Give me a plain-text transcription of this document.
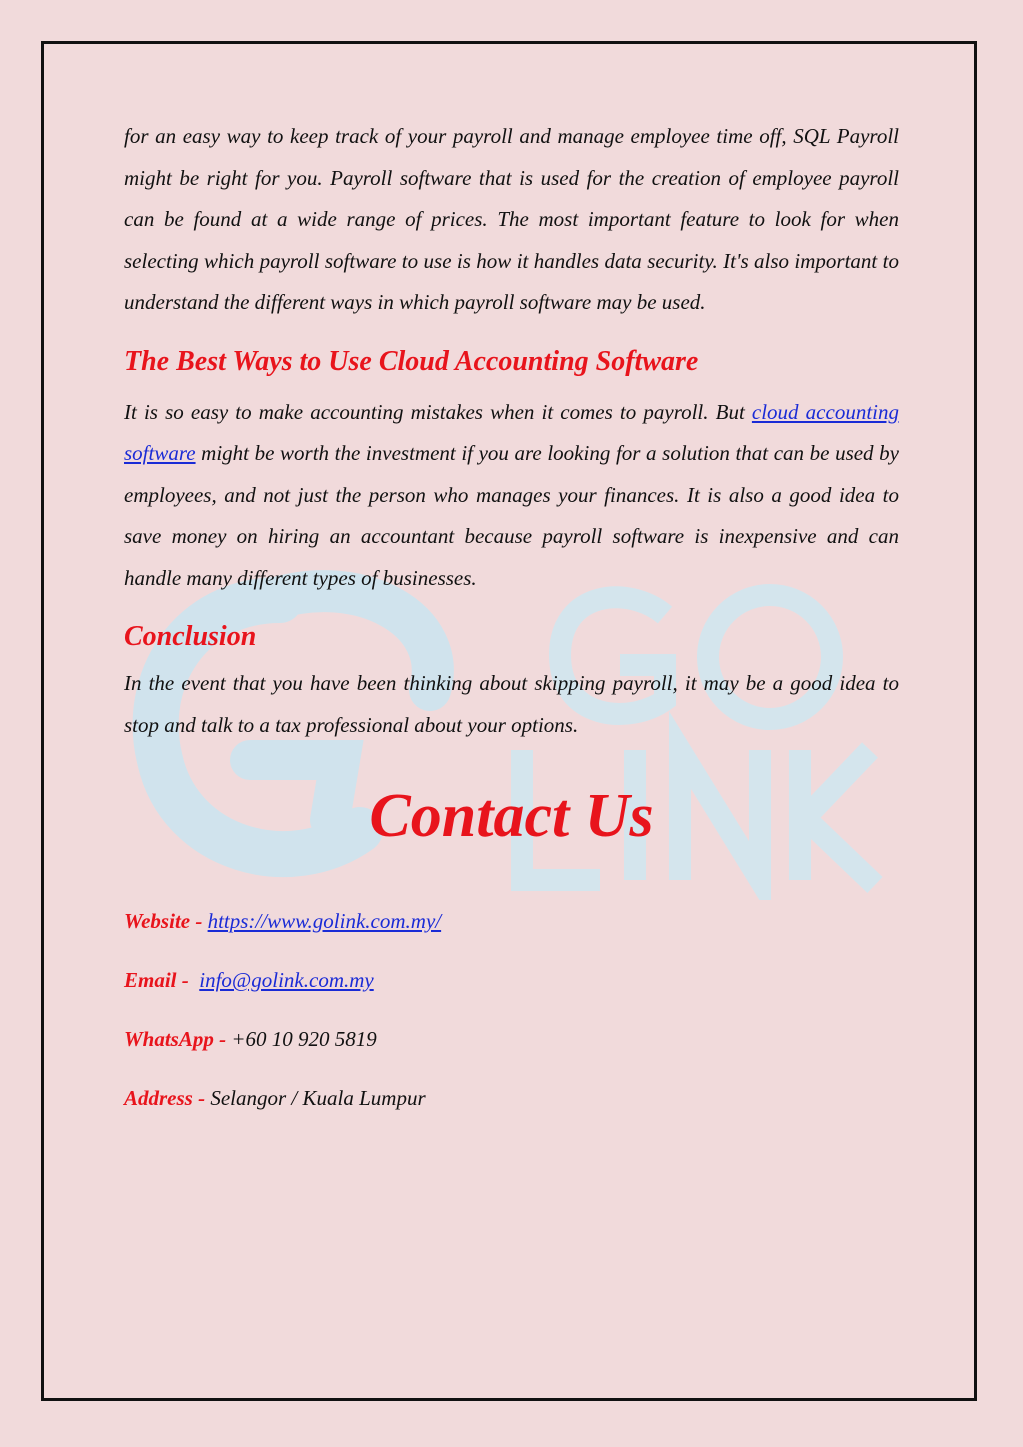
for an easy way to keep track of your payroll and manage employee time off, SQL Payroll might be right for you. Payroll software that is used for the creation of employee payroll can be found at a wide range of prices. The most important feature to look for when selecting which payroll software to use is how it handles data security. It's also important to understand the different ways in which payroll software may be used.

The Best Ways to Use Cloud Accounting Software

It is so easy to make accounting mistakes when it comes to payroll. But cloud accounting software might be worth the investment if you are looking for a solution that can be used by employees, and not just the person who manages your finances. It is also a good idea to save money on hiring an accountant because payroll software is inexpensive and can handle many different types of businesses.

Conclusion

In the event that you have been thinking about skipping payroll, it may be a good idea to stop and talk to a tax professional about your options.

Contact Us
Website - https://www.golink.com.my/
Email -  info@golink.com.my
WhatsApp - +60 10 920 5819
Address - Selangor / Kuala Lumpur
